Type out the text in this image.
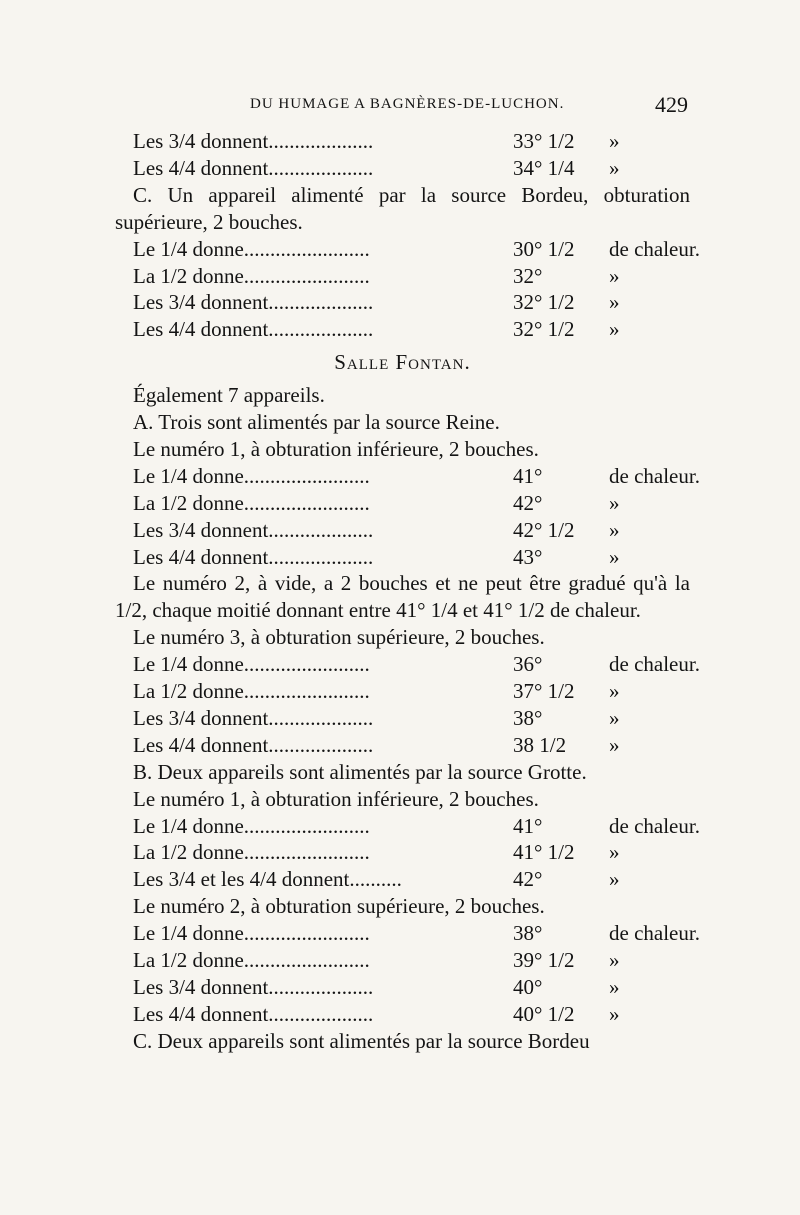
DU HUMAGE A BAGNÈRES-DE-LUCHON.	429
Les 3/4 donnent....................	33° 1/2	»
Les 4/4 donnent....................	34° 1/4	»
C. Un appareil alimenté par la source Bordeu, obturation supérieure, 2 bouches.
Le 1/4 donne........................	30° 1/2	de chaleur.
La 1/2 donne........................	32°	»
Les 3/4 donnent....................	32° 1/2	»
Les 4/4 donnent....................	32° 1/2	»
Salle Fontan.
Également 7 appareils.
A. Trois sont alimentés par la source Reine.
Le numéro 1, à obturation inférieure, 2 bouches.
Le 1/4 donne........................	41°	de chaleur.
La 1/2 donne........................	42°	»
Les 3/4 donnent....................	42° 1/2	»
Les 4/4 donnent....................	43°	»
Le numéro 2, à vide, a 2 bouches et ne peut être gradué qu'à la 1/2, chaque moitié donnant entre 41° 1/4 et 41° 1/2 de chaleur.
Le numéro 3, à obturation supérieure, 2 bouches.
Le 1/4 donne........................	36°	de chaleur.
La 1/2 donne........................	37° 1/2	»
Les 3/4 donnent....................	38°	»
Les 4/4 donnent....................	38 1/2	»
B. Deux appareils sont alimentés par la source Grotte.
Le numéro 1, à obturation inférieure, 2 bouches.
Le 1/4 donne........................	41°	de chaleur.
La 1/2 donne........................	41° 1/2	»
Les 3/4 et les 4/4 donnent..........	42°	»
Le numéro 2, à obturation supérieure, 2 bouches.
Le 1/4 donne........................	38°	de chaleur.
La 1/2 donne........................	39° 1/2	»
Les 3/4 donnent....................	40°	»
Les 4/4 donnent....................	40° 1/2	»
C. Deux appareils sont alimentés par la source Bordeu
